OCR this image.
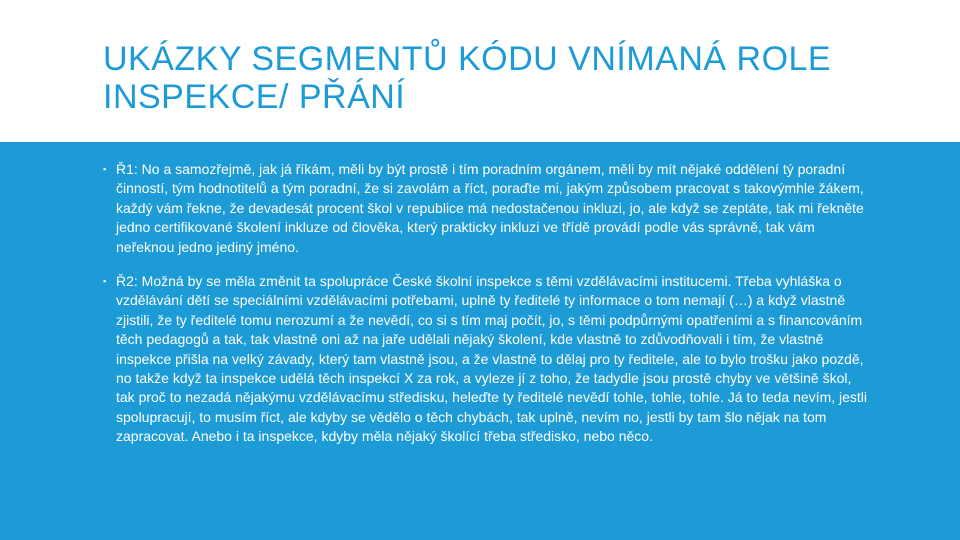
UKÁZKY SEGMENTŮ KÓDU VNÍMANÁ ROLE INSPEKCE/ PŘÁNÍ
▪ Ř1: No a samozřejmě, jak já říkám, měli by být prostě i tím poradním orgánem, měli by mít nějaké oddělení tý poradní činností, tým hodnotitelů a tým poradní, že si zavolám a říct, poraďte mi, jakým způsobem pracovat s takovýmhle žákem, každý vám řekne, že devadesát procent škol v republice má nedostačenou inkluzi, jo, ale když se zeptáte, tak mi řekněte jedno certifikované školení inkluze od člověka, který prakticky inkluzi ve třídě provádí podle vás správně, tak vám neřeknou jedno jediný jméno.
▪ Ř2: Možná by se měla změnit ta spolupráce České školní inspekce s těmi vzdělávacími institucemi. Třeba vyhláška o vzdělávání dětí se speciálními vzdělávacími potřebami, uplně ty ředitelé ty informace o tom nemají (…) a když vlastně zjistili, že ty ředitelé tomu nerozumí a že nevědí, co si s tím maj počít, jo, s těmi podpůrnými opatřeními a s financováním těch pedagogů a tak, tak vlastně oni až na jaře udělali nějaký školení, kde vlastně to zdůvodňovali i tím, že vlastně inspekce přišla na velký závady, který tam vlastně jsou, a že vlastně to dělaj pro ty ředitele, ale to bylo trošku jako pozdě, no takže když ta inspekce udělá těch inspekcí X za rok, a vyleze jí z toho, že tadydle jsou prostě chyby ve většině škol, tak proč to nezadá nějakýmu vzdělávacímu středisku, heleďte ty ředitelé nevědí tohle, tohle, tohle. Já to teda nevím, jestli spolupracují, to musím říct, ale kdyby se vědělo o těch chybách, tak uplně, nevím no, jestli by tam šlo nějak na tom zapracovat. Anebo i ta inspekce, kdyby měla nějaký školící třeba středisko, nebo něco.
